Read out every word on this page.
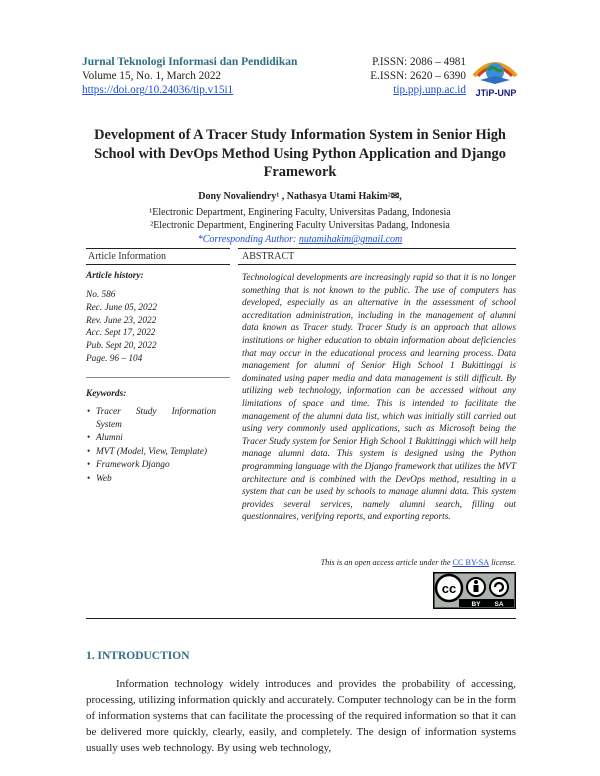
Jurnal Teknologi Informasi dan Pendidikan
Volume 15, No. 1, March 2022
https://doi.org/10.24036/tip.v15i1
P.ISSN: 2086 – 4981
E.ISSN: 2620 – 6390
tip.ppj.unp.ac.id	JTiP-UNP
Development of A Tracer Study Information System in Senior High School with DevOps Method Using Python Application and Django Framework
Dony Novaliendry¹ , Nathasya Utami Hakim²✉,
¹Electronic Department, Enginering Faculty, Universitas Padang, Indonesia
²Electronic Department, Enginering Faculty Universitas Padang, Indonesia
*Corresponding Author: nutamihakim@gmail.com
Article Information	ABSTRACT
Article history:
No. 586
Rec. June 05, 2022
Rev. June 23, 2022
Acc. Sept 17, 2022
Pub. Sept 20, 2022
Page. 96 – 104
Keywords:
• Tracer Study Information System
• Alumni
• MVT (Model, View, Template)
• Framework Django
• Web
Technological developments are increasingly rapid so that it is no longer something that is not known to the public. The use of computers has developed, especially as an alternative in the assessment of school accreditation administration, including in the management of alumni data known as Tracer study. Tracer Study is an approach that allows institutions or higher education to obtain information about deficiencies that may occur in the educational process and learning process. Data management for alumni of Senior High School 1 Bukittinggi is dominated using paper media and data management is still difficult. By utilizing web technology, information can be accessed without any limitations of space and time. This is intended to facilitate the management of the alumni data list, which was initially still carried out using very commonly used applications, such as Microsoft being the Tracer Study system for Senior High School 1 Bukittinggi which will help manage alumni data. This system is designed using the Python programming language with the Django framework that utilizes the MVT architecture and is combined with the DevOps method, resulting in a system that can be used by schools to manage alumni data. This system provides several services, namely alumni search, filling out questionnaires, verifying reports, and exporting reports.
This is an open access article under the CC BY-SA license.
cc
BY SA
1. INTRODUCTION
Information technology widely introduces and provides the probability of accessing, processing, utilizing information quickly and accurately. Computer technology can be in the form of information systems that can facilitate the processing of the required information so that it can be delivered more quickly, clearly, easily, and completely. The design of information systems usually uses web technology. By using web technology,
